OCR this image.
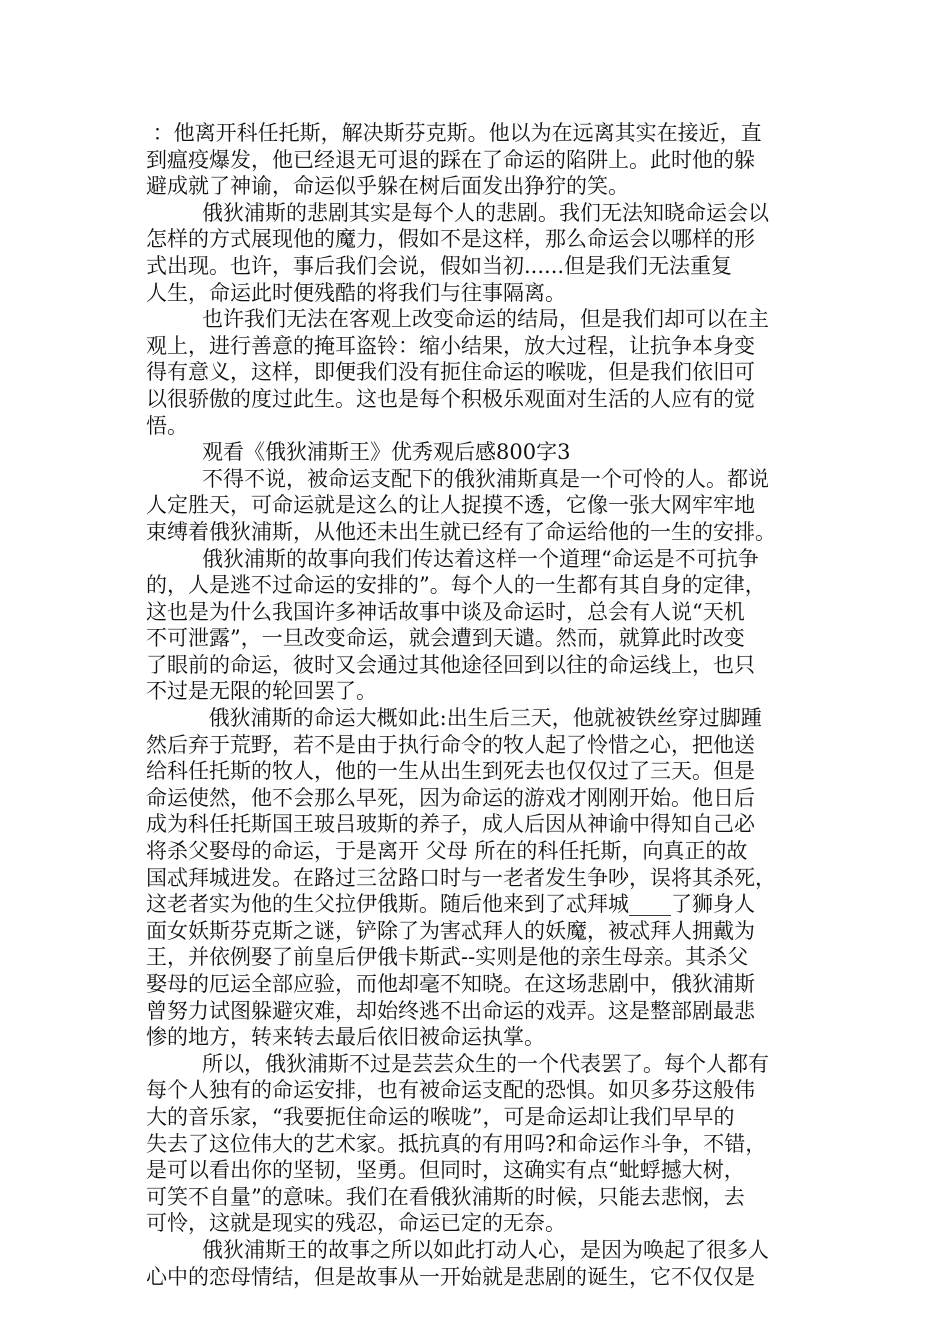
：他离开科任托斯，解决斯芬克斯。他以为在远离其实在接近，直
到瘟疫爆发，他已经退无可退的踩在了命运的陷阱上。此时他的躲
避成就了神谕，命运似乎躲在树后面发出狰狞的笑。
俄狄浦斯的悲剧其实是每个人的悲剧。我们无法知晓命运会以
怎样的方式展现他的魔力，假如不是这样，那么命运会以哪样的形
式出现。也许，事后我们会说，假如当初......但是我们无法重复
人生，命运此时便残酷的将我们与往事隔离。
也许我们无法在客观上改变命运的结局，但是我们却可以在主
观上，进行善意的掩耳盗铃：缩小结果，放大过程，让抗争本身变
得有意义，这样，即便我们没有扼住命运的喉咙，但是我们依旧可
以很骄傲的度过此生。这也是每个积极乐观面对生活的人应有的觉
悟。
观看《俄狄浦斯王》优秀观后感800字3
不得不说，被命运支配下的俄狄浦斯真是一个可怜的人。都说
人定胜天，可命运就是这么的让人捉摸不透，它像一张大网牢牢地
束缚着俄狄浦斯，从他还未出生就已经有了命运给他的一生的安排。
俄狄浦斯的故事向我们传达着这样一个道理“命运是不可抗争
的，人是逃不过命运的安排的”。每个人的一生都有其自身的定律，
这也是为什么我国许多神话故事中谈及命运时，总会有人说“天机
不可泄露”，一旦改变命运，就会遭到天谴。然而，就算此时改变
了眼前的命运，彼时又会通过其他途径回到以往的命运线上，也只
不过是无限的轮回罢了。
俄狄浦斯的命运大概如此:出生后三天，他就被铁丝穿过脚踵
然后弃于荒野，若不是由于执行命令的牧人起了怜惜之心，把他送
给科任托斯的牧人，他的一生从出生到死去也仅仅过了三天。但是
命运使然，他不会那么早死，因为命运的游戏才刚刚开始。他日后
成为科任托斯国王玻吕玻斯的养子，成人后因从神谕中得知自己必
将杀父娶母的命运，于是离开 父母 所在的科任托斯，向真正的故
国忒拜城进发。在路过三岔路口时与一老者发生争吵，误将其杀死，
这老者实为他的生父拉伊俄斯。随后他来到了忒拜城____了狮身人
面女妖斯芬克斯之谜，铲除了为害忒拜人的妖魔，被忒拜人拥戴为
王，并依例娶了前皇后伊俄卡斯武--实则是他的亲生母亲。其杀父
娶母的厄运全部应验，而他却毫不知晓。在这场悲剧中，俄狄浦斯
曾努力试图躲避灾难，却始终逃不出命运的戏弄。这是整部剧最悲
惨的地方，转来转去最后依旧被命运执掌。
所以，俄狄浦斯不过是芸芸众生的一个代表罢了。每个人都有
每个人独有的命运安排，也有被命运支配的恐惧。如贝多芬这般伟
大的音乐家，“我要扼住命运的喉咙”，可是命运却让我们早早的
失去了这位伟大的艺术家。抵抗真的有用吗?和命运作斗争，不错，
是可以看出你的坚韧，坚勇。但同时，这确实有点“蚍蜉撼大树，
可笑不自量”的意味。我们在看俄狄浦斯的时候，只能去悲悯，去
可怜，这就是现实的残忍，命运已定的无奈。
俄狄浦斯王的故事之所以如此打动人心，是因为唤起了很多人
心中的恋母情结，但是故事从一开始就是悲剧的诞生，它不仅仅是
